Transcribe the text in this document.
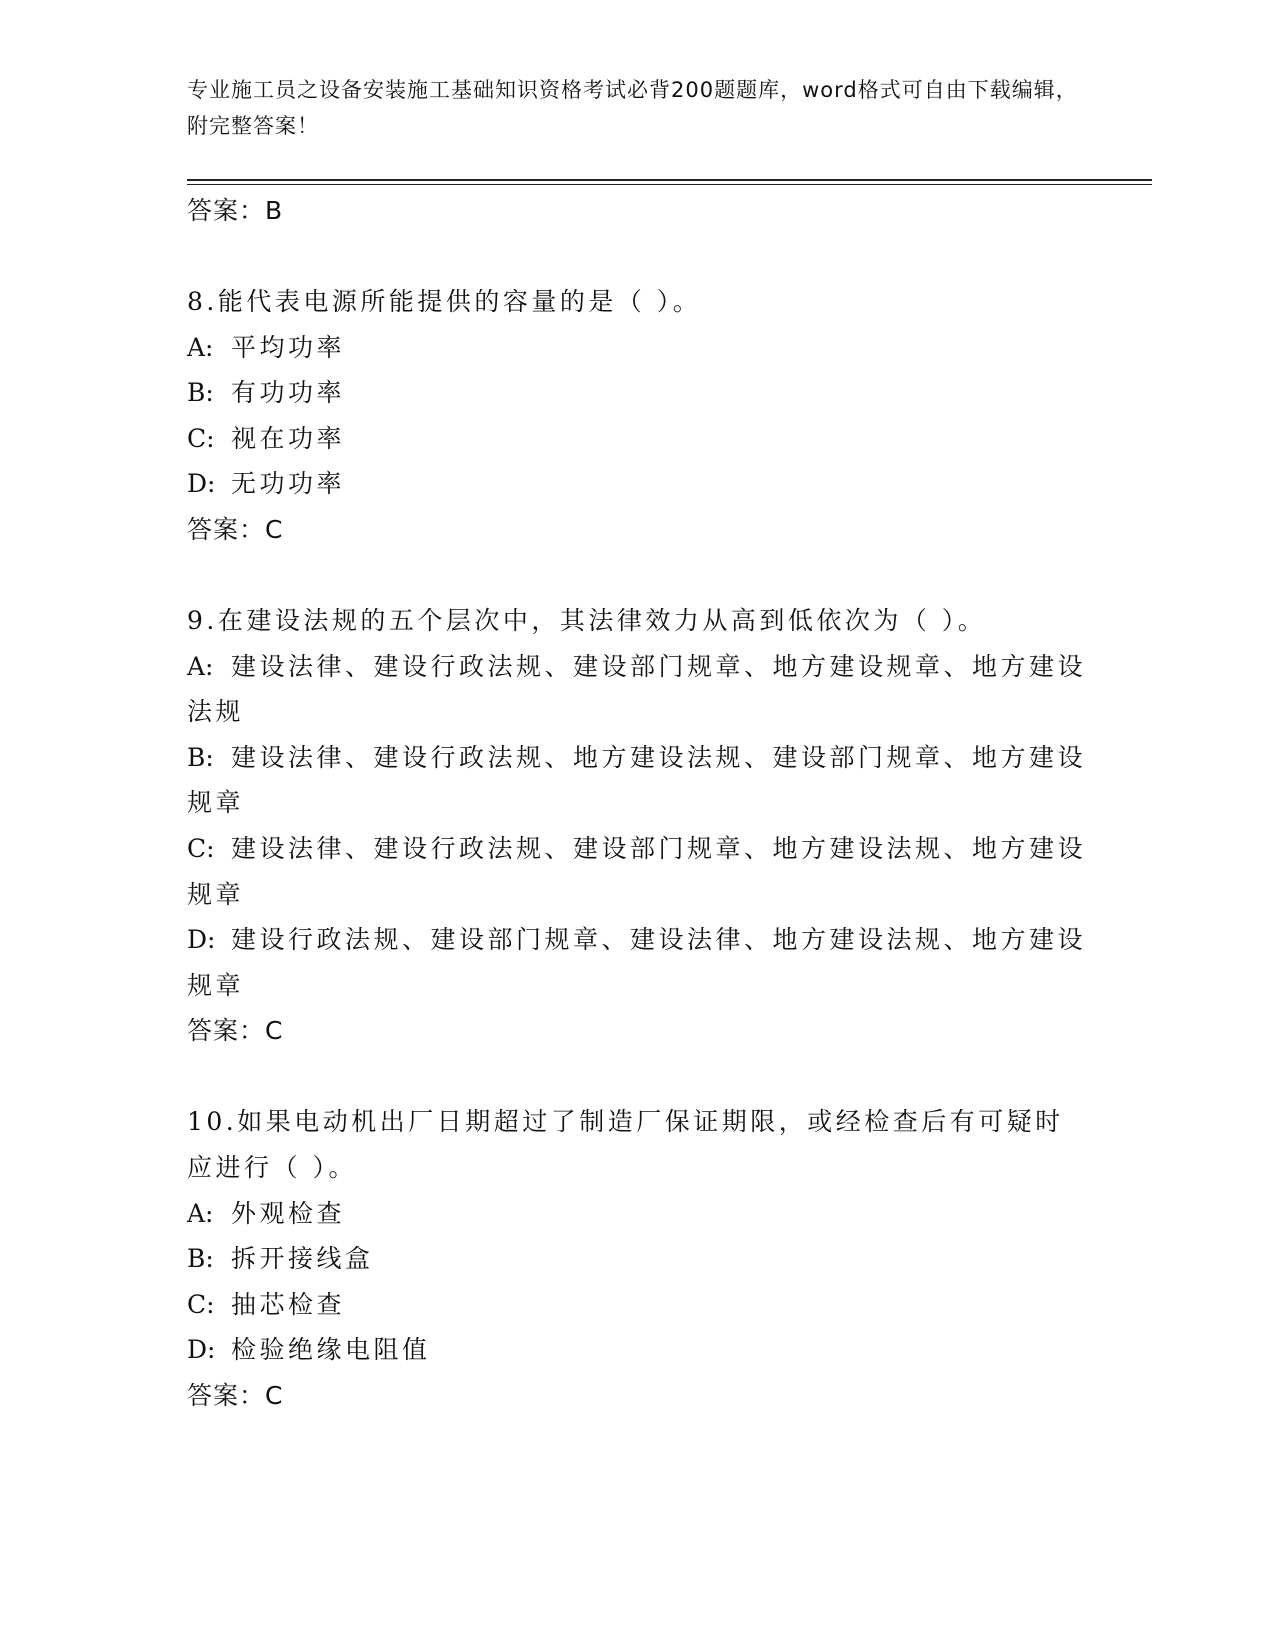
专业施工员之设备安装施工基础知识资格考试必背200题题库，word格式可自由下载编辑，附完整答案！

答案：B

8.能代表电源所能提供的容量的是（ ）。

A: 平均功率

B: 有功功率

C: 视在功率

D: 无功功率

答案：C

9.在建设法规的五个层次中，其法律效力从高到低依次为（ ）。

A: 建设法律、建设行政法规、建设部门规章、地方建设规章、地方建设法规

B: 建设法律、建设行政法规、地方建设法规、建设部门规章、地方建设规章

C: 建设法律、建设行政法规、建设部门规章、地方建设法规、地方建设规章

D: 建设行政法规、建设部门规章、建设法律、地方建设法规、地方建设规章

答案：C

10.如果电动机出厂日期超过了制造厂保证期限，或经检查后有可疑时应进行（ ）。

A: 外观检查

B: 拆开接线盒

C: 抽芯检查

D: 检验绝缘电阻值

答案：C
